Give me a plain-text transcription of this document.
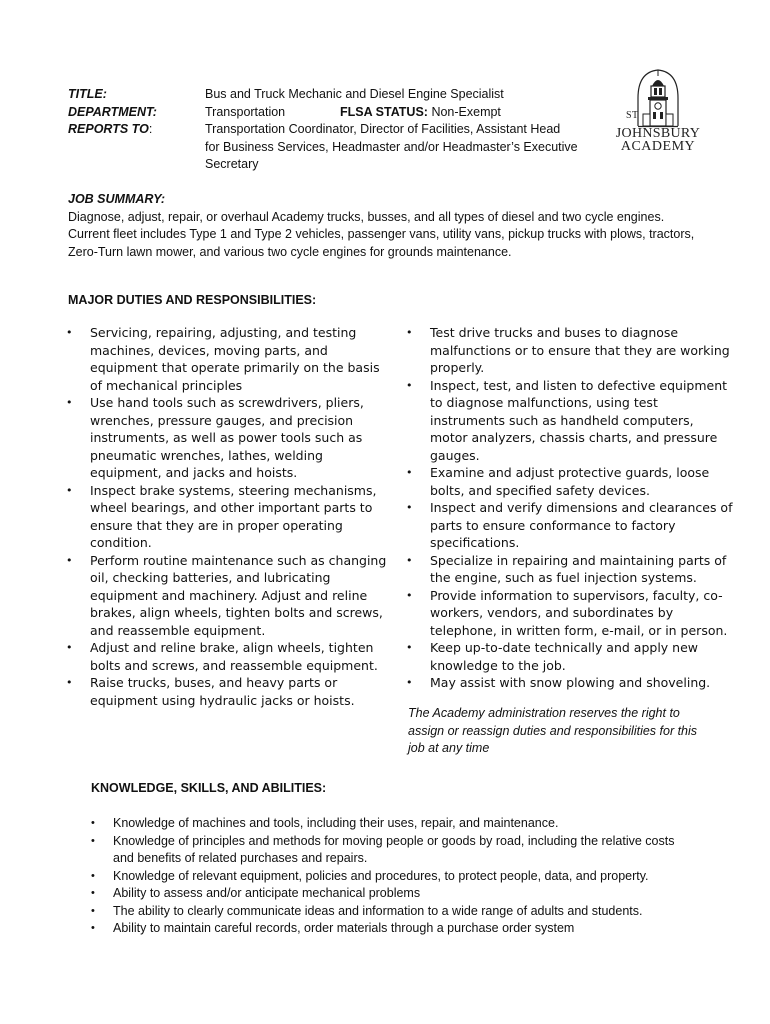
TITLE:
DEPARTMENT:
REPORTS TO:
Bus and Truck Mechanic and Diesel Engine Specialist
Transportation	FLSA STATUS: Non-Exempt
Transportation Coordinator, Director of Facilities, Assistant Head
for Business Services, Headmaster and/or Headmaster’s Executive
Secretary
ST
JOHNSBURY
ACADEMY
JOB SUMMARY:
Diagnose, adjust, repair, or overhaul Academy trucks, busses, and all types of diesel and two cycle engines.
Current fleet includes Type 1 and Type 2 vehicles, passenger vans, utility vans, pickup trucks with plows, tractors,
Zero-Turn lawn mower, and various two cycle engines for grounds maintenance.
MAJOR DUTIES AND RESPONSIBILITIES:
• Servicing, repairing, adjusting, and testing
machines, devices, moving parts, and
equipment that operate primarily on the basis
of mechanical principles
• Use hand tools such as screwdrivers, pliers,
wrenches, pressure gauges, and precision
instruments, as well as power tools such as
pneumatic wrenches, lathes, welding
equipment, and jacks and hoists.
• Inspect brake systems, steering mechanisms,
wheel bearings, and other important parts to
ensure that they are in proper operating
condition.
• Perform routine maintenance such as changing
oil, checking batteries, and lubricating
equipment and machinery. Adjust and reline
brakes, align wheels, tighten bolts and screws,
and reassemble equipment.
• Adjust and reline brake, align wheels, tighten
bolts and screws, and reassemble equipment.
• Raise trucks, buses, and heavy parts or
equipment using hydraulic jacks or hoists.
• Test drive trucks and buses to diagnose
malfunctions or to ensure that they are working
properly.
• Inspect, test, and listen to defective equipment
to diagnose malfunctions, using test
instruments such as handheld computers,
motor analyzers, chassis charts, and pressure
gauges.
• Examine and adjust protective guards, loose
bolts, and specified safety devices.
• Inspect and verify dimensions and clearances of
parts to ensure conformance to factory
specifications.
• Specialize in repairing and maintaining parts of
the engine, such as fuel injection systems.
• Provide information to supervisors, faculty, co-
workers, vendors, and subordinates by
telephone, in written form, e-mail, or in person.
• Keep up-to-date technically and apply new
knowledge to the job.
• May assist with snow plowing and shoveling.
The Academy administration reserves the right to
assign or reassign duties and responsibilities for this
job at any time
KNOWLEDGE, SKILLS, AND ABILITIES:
• Knowledge of machines and tools, including their uses, repair, and maintenance.
• Knowledge of principles and methods for moving people or goods by road, including the relative costs
and benefits of related purchases and repairs.
• Knowledge of relevant equipment, policies and procedures, to protect people, data, and property.
• Ability to assess and/or anticipate mechanical problems
• The ability to clearly communicate ideas and information to a wide range of adults and students.
• Ability to maintain careful records, order materials through a purchase order system
